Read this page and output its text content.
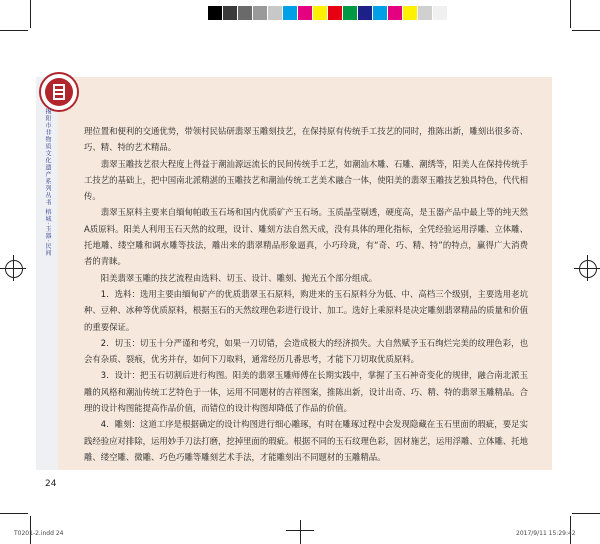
揭阳市非物质文化遗产系列丛书 榕城·玉器·民间	理位置和便利的交通优势，带领村民钻研翡翠玉雕刻技艺，在保持原有传统手工技艺的同时，推陈出新，雕刻出很多奇、巧、精、特的艺术精品。

翡翠玉雕技艺很大程度上得益于潮汕源远流长的民间传统手工艺，如潮汕木雕、石雕、潮绣等，阳美人在保持传统手工技艺的基础上，把中国南北派精湛的玉雕技艺和潮汕传统工艺美术融合一体，使阳美的翡翠玉雕技艺独具特色，代代相传。

翡翠玉原料主要来自缅甸帕敢玉石场和国内优质矿产玉石场。玉质晶莹剔透，硬度高，是玉器产品中最上等的纯天然A质原料。阳美人利用玉石天然的纹理，设计、雕刻方法自然天成，没有具体的理化指标，全凭经验运用浮雕、立体雕、托地雕、缕空雕和调水雕等技法，雕出来的翡翠精品形象逼真，小巧玲珑，有“奇、巧、精、特”的特点，赢得广大消费者的青睐。

阳美翡翠玉雕的技艺流程由选料、切玉、设计、雕刻、抛光五个部分组成。

1．选料：选用主要由缅甸矿产的优质翡翠玉石原料，购进来的玉石原料分为低、中、高档三个级别，主要选用老坑种、豆种、冰种等优质原料，根据玉石的天然纹理色彩进行设计、加工。选好上乘原料是决定雕刻翡翠精品的质量和价值的重要保证。

2．切玉：切玉十分严谨和考究，如果一刀切错，会造成极大的经济损失。大自然赋予玉石绚烂完美的纹理色彩，也会有杂质、裂痕，优劣并存，如何下刀取料，通常经历几番思考，才能下刀切取优质原料。

3．设计：把玉石切割后进行构图。阳美的翡翠玉雕师傅在长期实践中，掌握了玉石神奇变化的规律，融合南北派玉雕的风格和潮汕传统工艺特色于一体，运用不同题材的吉祥图案，推陈出新，设计出奇、巧、精、特的翡翠玉雕精品。合理的设计构图能提高作品价值，而错位的设计构图却降低了作品的价值。

4．雕刻：这道工序是根据确定的设计构图进行细心雕琢，有时在雕琢过程中会发现隐藏在玉石里面的瑕疵，要足实践经验应对排除，运用妙手刀法打磨，挖掉里面的瑕疵。根据不同的玉石纹理色彩，因材施艺，运用浮雕、立体雕、托地雕、缕空雕、微雕、巧色巧雕等雕刻艺术手法，才能雕刻出不同题材的玉雕精品。

24
T0201-2.indd 24	2017/9/11 15:29:42
